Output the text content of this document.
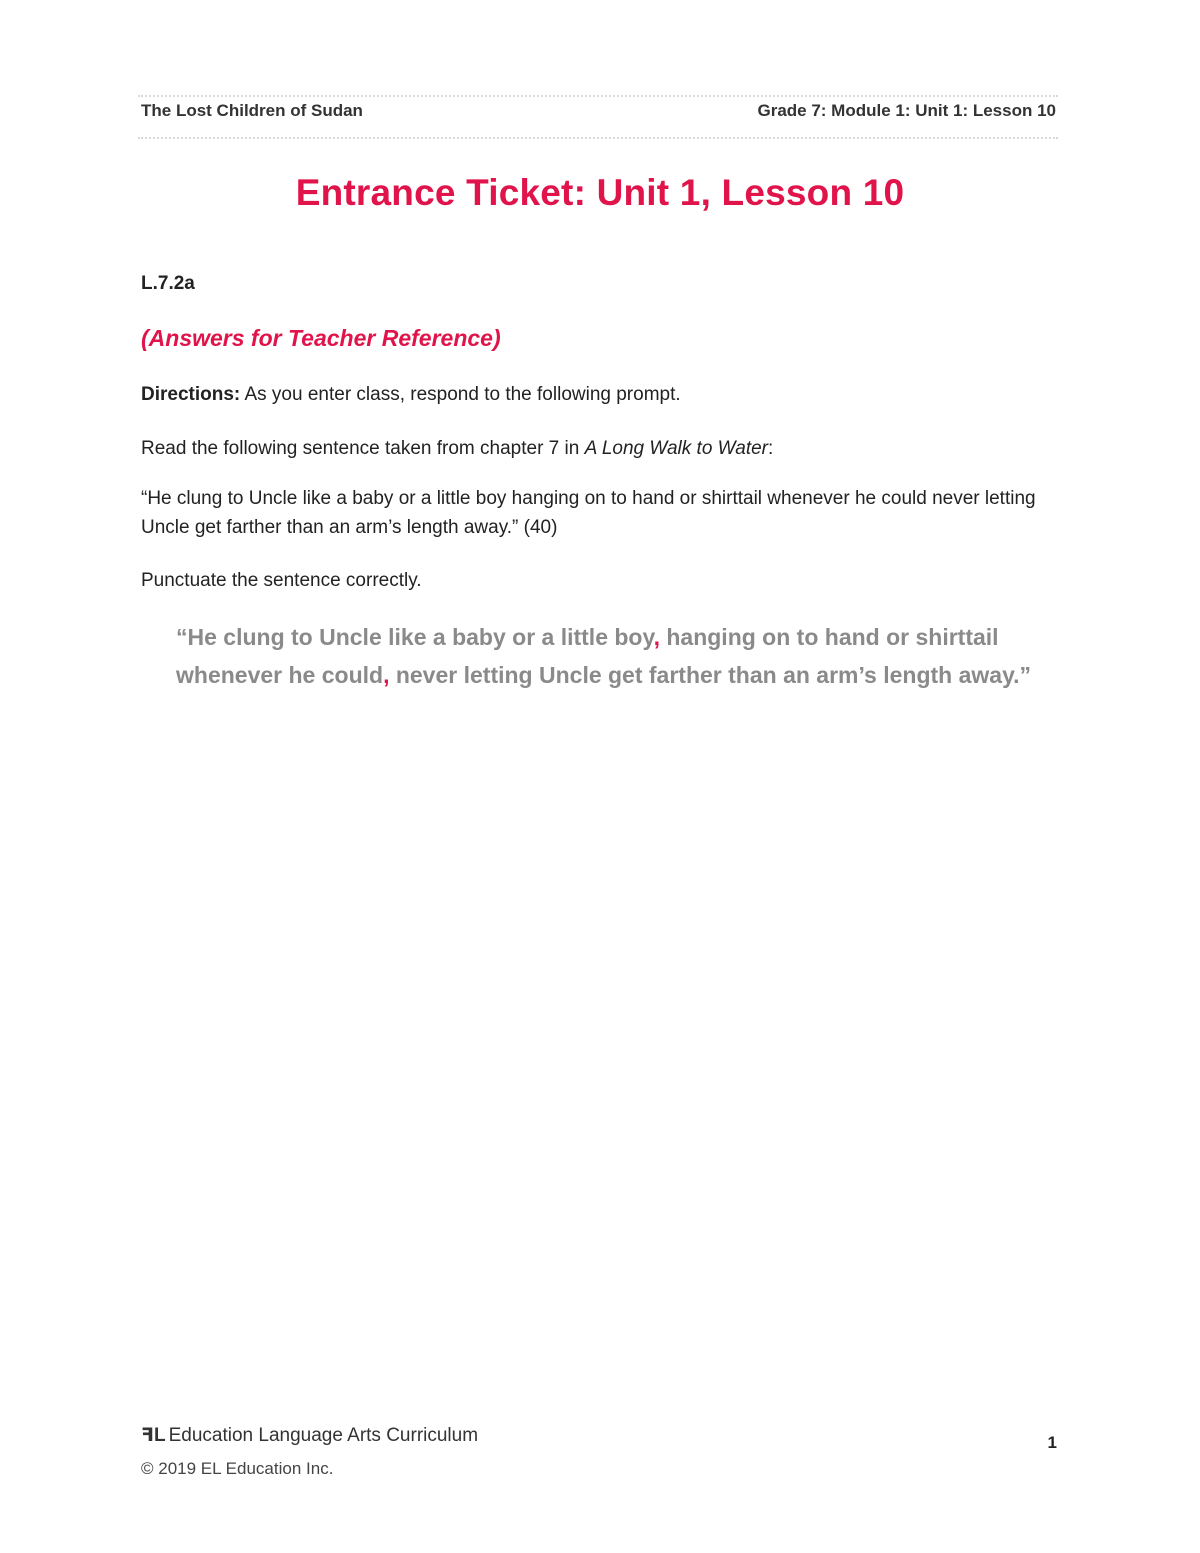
The Lost Children of Sudan	Grade 7: Module 1: Unit 1: Lesson 10
Entrance Ticket: Unit 1, Lesson 10
L.7.2a
(Answers for Teacher Reference)
Directions: As you enter class, respond to the following prompt.
Read the following sentence taken from chapter 7 in A Long Walk to Water:
“He clung to Uncle like a baby or a little boy hanging on to hand or shirttail whenever he could never letting Uncle get farther than an arm’s length away.” (40)
Punctuate the sentence correctly.
“He clung to Uncle like a baby or a little boy, hanging on to hand or shirttail whenever he could, never letting Uncle get farther than an arm’s length away.”
ꟻL Education Language Arts Curriculum
© 2019 EL Education Inc.
1
